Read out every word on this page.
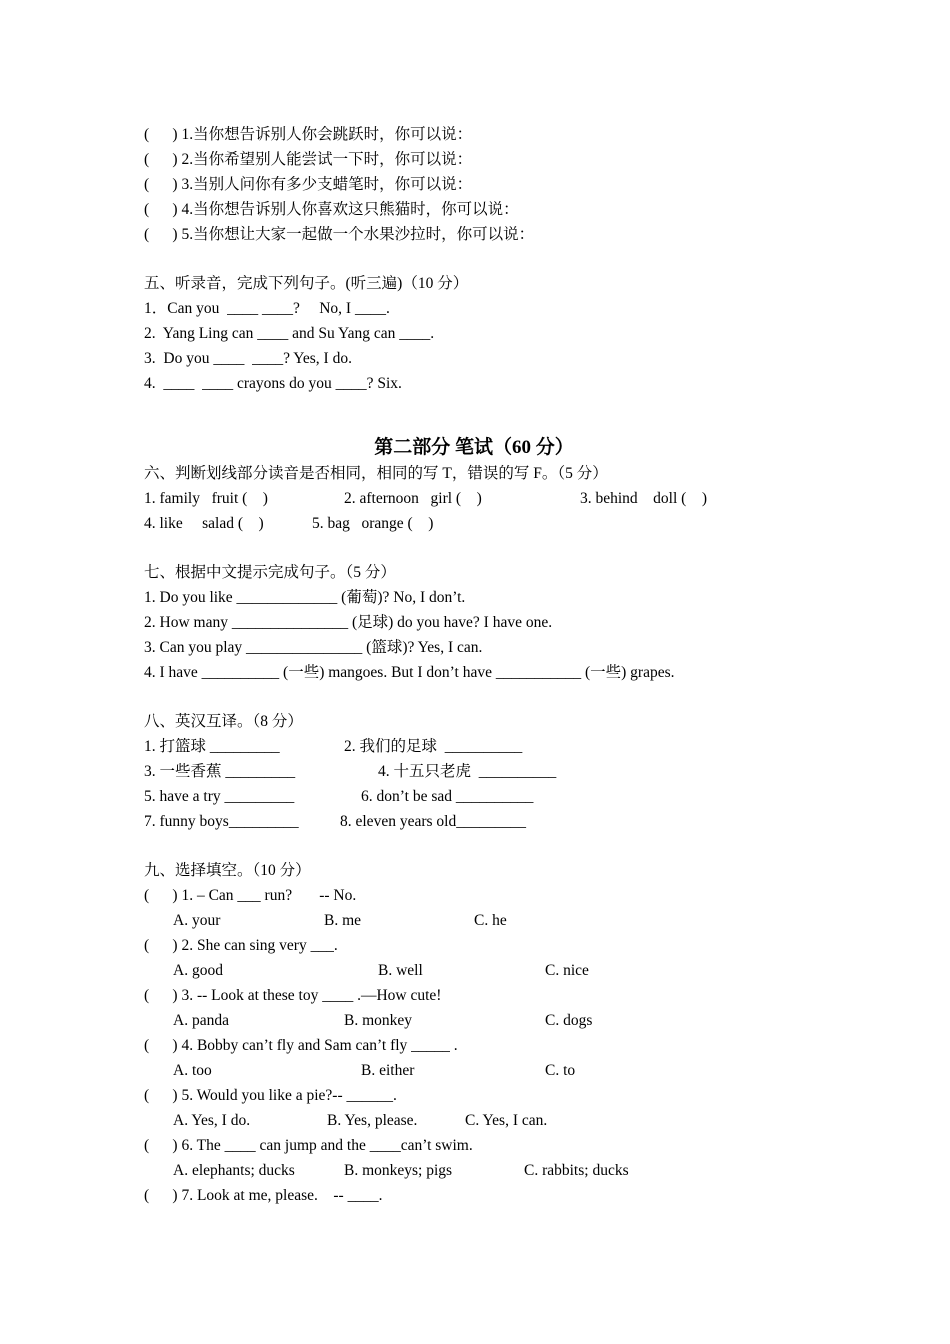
(      ) 1.当你想告诉别人你会跳跃时，你可以说：
(      ) 2.当你希望别人能尝试一下时，你可以说：
(      ) 3.当别人问你有多少支蜡笔时，你可以说：
(      ) 4.当你想告诉别人你喜欢这只熊猫时，你可以说：
(      ) 5.当你想让大家一起做一个水果沙拉时，你可以说：
五、听录音，完成下列句子。(听三遍)（10 分）
1．Can you  ____ ____?     No, I ____.
2.  Yang Ling can ____ and Su Yang can ____.
3.  Do you ____  ____? Yes, I do.
4.  ____  ____ crayons do you ____? Six.
第二部分 笔试（60 分）
六、判断划线部分读音是否相同，相同的写 T，错误的写 F。（5 分）

1. family   fruit (    )

	2. afternoon   girl (    )

	3. behind    doll (    )

4. like     salad (    )

	5. bag   orange (    )

七、根据中文提示完成句子。（5 分）
1. Do you like _____________ (葡萄)? No, I don’t.
2. How many _______________ (足球) do you have? I have one.
3. Can you play _______________ (篮球)? Yes, I can.
4. I have __________ (一些) mangoes. But I don’t have ___________ (一些) grapes.
八、英汉互译。（8 分）

1. 打篮球 _________

	2. 我们的足球  __________

3. 一些香蕉 _________

	4. 十五只老虎  __________

5. have a try _________

	6. don’t be sad __________

7. funny boys_________

	8. eleven years old_________

九、选择填空。（10 分）
(      ) 1. – Can ___ run?       -- No.

A. your

	B. me

	C. he

(      ) 2. She can sing very ___.

A. good

	B. well

	C. nice

(      ) 3. -- Look at these toy ____ .—How cute!

A. panda

	B. monkey

	C. dogs

(      ) 4. Bobby can’t fly and Sam can’t fly _____ .

A. too

	B. either

	C. to

(      ) 5. Would you like a pie?-- ______.

A. Yes, I do.

	B. Yes, please.

	C. Yes, I can.

(      ) 6. The ____ can jump and the ____can’t swim.

A. elephants; ducks

	B. monkeys; pigs

	C. rabbits; ducks

(      ) 7. Look at me, please.    -- ____.
